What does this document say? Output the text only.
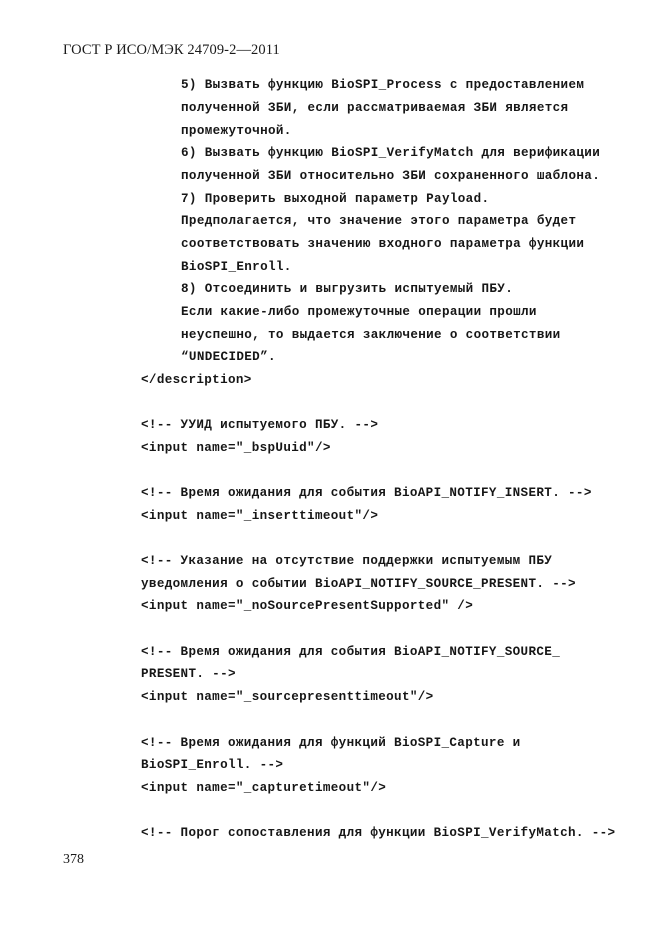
ГОСТ Р ИСО/МЭК 24709-2—2011
5) Вызвать функцию BioSPI_Process с предоставлением
полученной ЗБИ, если рассматриваемая ЗБИ является
промежуточной.
6) Вызвать функцию BioSPI_VerifyMatch для верификации
полученной ЗБИ относительно ЗБИ сохраненного шаблона.
7) Проверить выходной параметр Payload.
Предполагается, что значение этого параметра будет
соответствовать значению входного параметра функции
BioSPI_Enroll.
8) Отсоединить и выгрузить испытуемый ПБУ.
Если какие-либо промежуточные операции прошли
неуспешно, то выдается заключение о соответствии
“UNDECIDED”.
</description>
<!-- УУИД испытуемого ПБУ. -->
<input name="_bspUuid"/>
<!-- Время ожидания для события BioAPI_NOTIFY_INSERT. -->
<input name="_inserttimeout"/>
<!-- Указание на отсутствие поддержки испытуемым ПБУ
уведомления о событии BioAPI_NOTIFY_SOURCE_PRESENT. -->
<input name="_noSourcePresentSupported" />
<!-- Время ожидания для события BioAPI_NOTIFY_SOURCE_
PRESENT. -->
<input name="_sourcepresenttimeout"/>
<!-- Время ожидания для функций BioSPI_Capture и
BioSPI_Enroll. -->
<input name="_capturetimeout"/>
<!-- Порог сопоставления для функции BioSPI_VerifyMatch. -->
378
